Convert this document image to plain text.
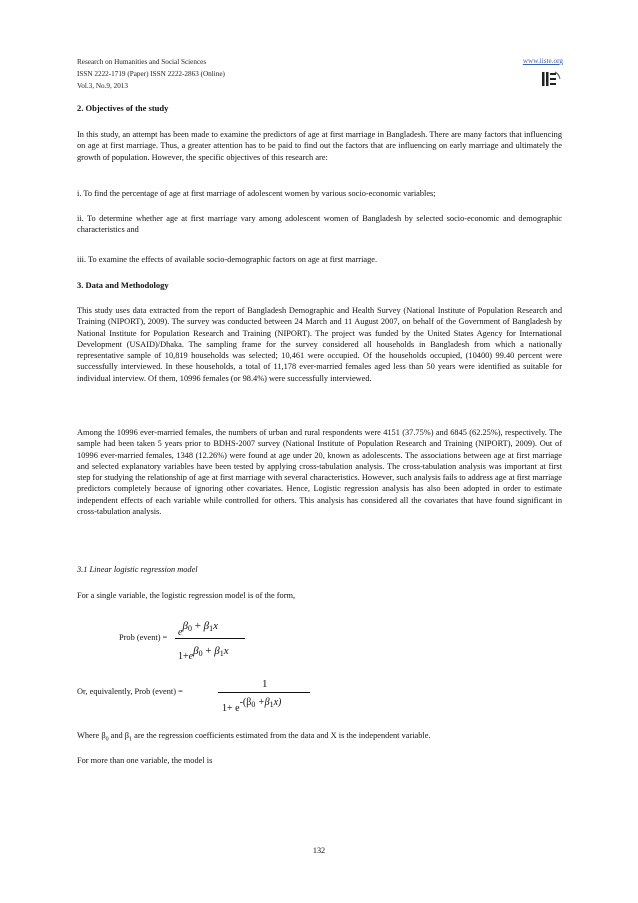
Research on Humanities and Social Sciences
ISSN 2222-1719 (Paper) ISSN 2222-2863 (Online)
Vol.3, No.9, 2013
www.iiste.org
2. Objectives of the study
In this study, an attempt has been made to examine the predictors of age at first marriage in Bangladesh. There are many factors that influencing on age at first marriage. Thus, a greater attention has to be paid to find out the factors that are influencing on early marriage and ultimately the growth of population. However, the specific objectives of this research are:
i. To find the percentage of age at first marriage of adolescent women by various socio-economic variables;
ii. To determine whether age at first marriage vary among adolescent women of Bangladesh by selected socio-economic and demographic characteristics and
iii. To examine the effects of available socio-demographic factors on age at first marriage.
3. Data and Methodology
This study uses data extracted from the report of Bangladesh Demographic and Health Survey (National Institute of Population Research and Training (NIPORT), 2009). The survey was conducted between 24 March and 11 August 2007, on behalf of the Government of Bangladesh by National Institute for Population Research and Training (NIPORT). The project was funded by the United States Agency for International Development (USAID)/Dhaka. The sampling frame for the survey considered all households in Bangladesh from which a nationally representative sample of 10,819 households was selected; 10,461 were occupied. Of the households occupied, (10400) 99.40 percent were successfully interviewed. In these households, a total of 11,178 ever-married females aged less than 50 years were identified as suitable for individual interview. Of them, 10996 females (or 98.4%) were successfully interviewed.
Among the 10996 ever-married females, the numbers of urban and rural respondents were 4151 (37.75%) and 6845 (62.25%), respectively. The sample had been taken 5 years prior to BDHS-2007 survey (National Institute of Population Research and Training (NIPORT), 2009). Out of 10996 ever-married females, 1348 (12.26%) were found at age under 20, known as adolescents. The associations between age at first marriage and selected explanatory variables have been tested by applying cross-tabulation analysis. The cross-tabulation analysis was important at first step for studying the relationship of age at first marriage with several characteristics. However, such analysis fails to address age at first marriage predictors completely because of ignoring other covariates. Hence, Logistic regression analysis has also been adopted in order to estimate independent effects of each variable while controlled for others. This analysis has considered all the covariates that have found significant in cross-tabulation analysis.
3.1 Linear logistic regression model
For a single variable, the logistic regression model is of the form,
Prob (event) = eβ0 + β1x
1+eβ0 + β1x
Or, equivalently, Prob (event) =
1
$1+ e-(\beta_0 +\beta_1x)$
Where $\beta_0$ and $\beta_1$ are the regression coefficients estimated from the data and X is the independent variable.
For more than one variable, the model is
132
